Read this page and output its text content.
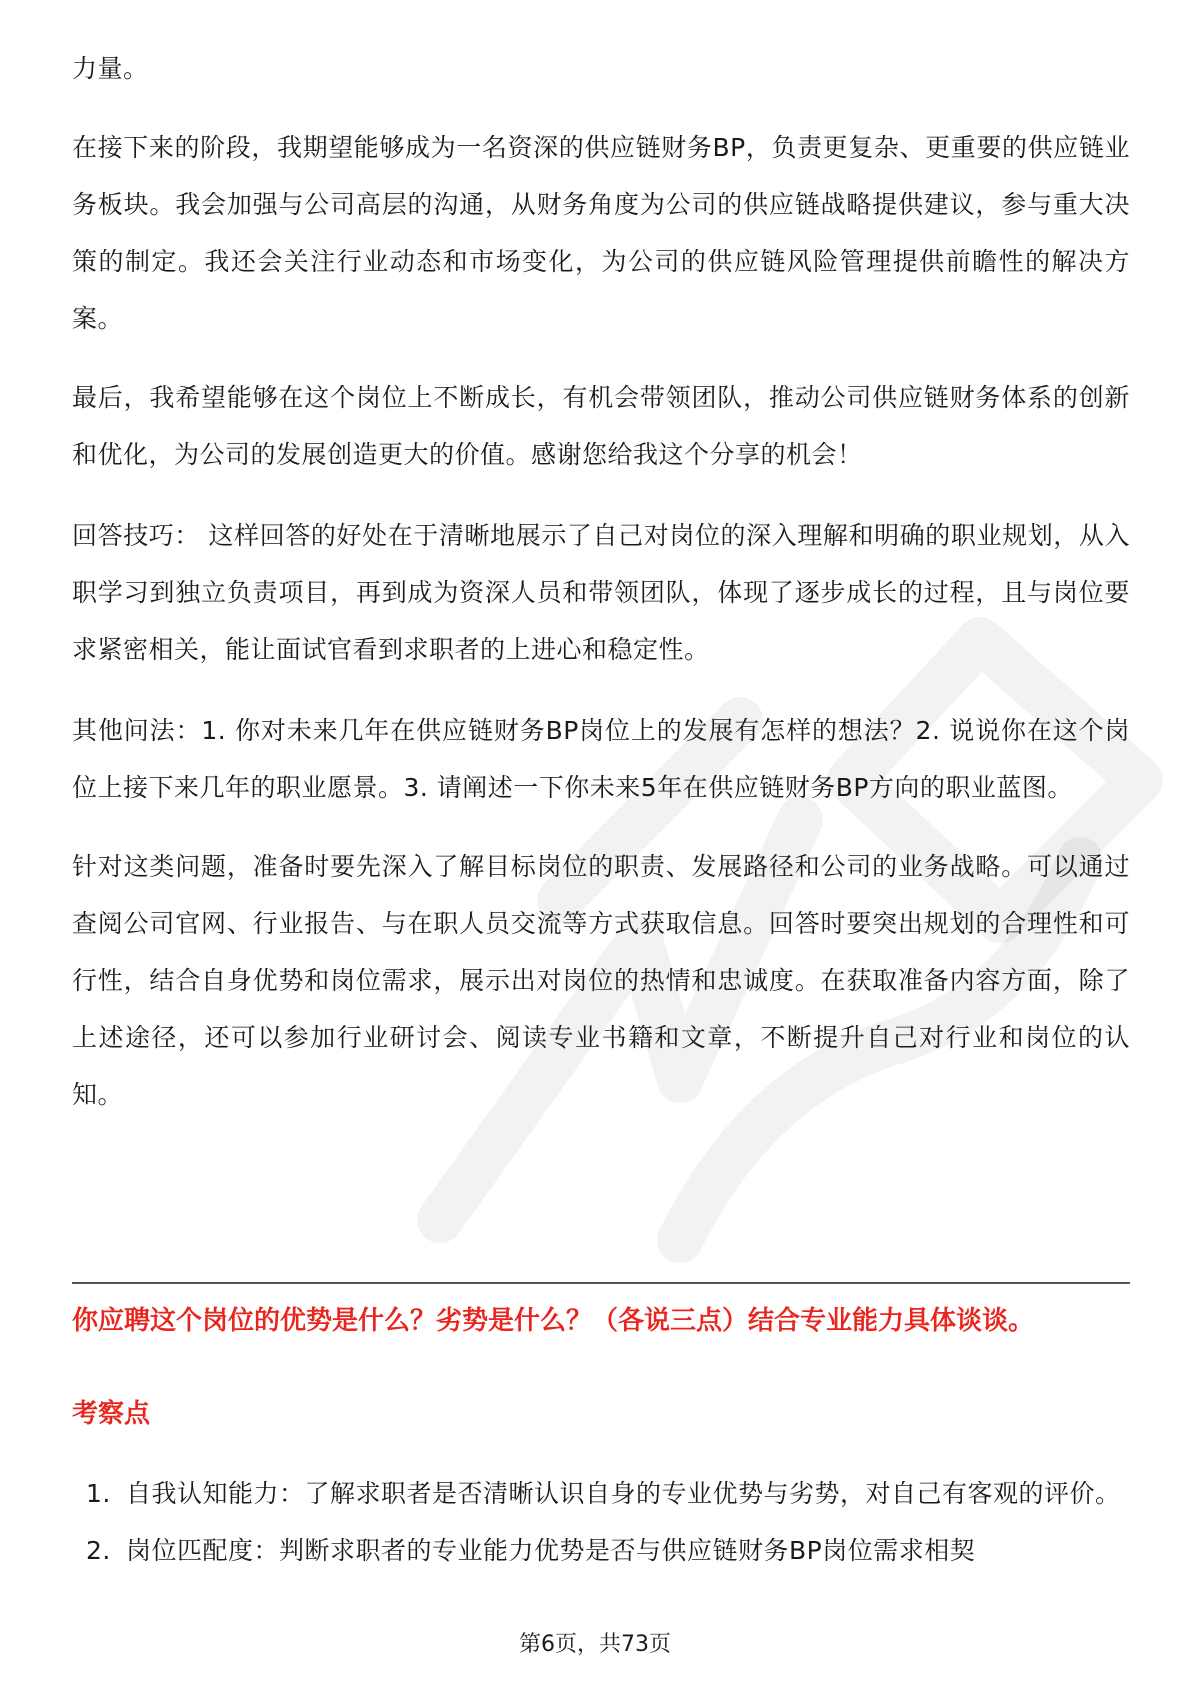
力量。

在接下来的阶段，我期望能够成为一名资深的供应链财务BP，负责更复杂、更重要的供应链业务板块。我会加强与公司高层的沟通，从财务角度为公司的供应链战略提供建议，参与重大决策的制定。我还会关注行业动态和市场变化，为公司的供应链风险管理提供前瞻性的解决方案。

最后，我希望能够在这个岗位上不断成长，有机会带领团队，推动公司供应链财务体系的创新和优化，为公司的发展创造更大的价值。感谢您给我这个分享的机会！

回答技巧： 这样回答的好处在于清晰地展示了自己对岗位的深入理解和明确的职业规划，从入职学习到独立负责项目，再到成为资深人员和带领团队，体现了逐步成长的过程，且与岗位要求紧密相关，能让面试官看到求职者的上进心和稳定性。

其他问法：1. 你对未来几年在供应链财务BP岗位上的发展有怎样的想法？2. 说说你在这个岗位上接下来几年的职业愿景。3. 请阐述一下你未来5年在供应链财务BP方向的职业蓝图。

针对这类问题，准备时要先深入了解目标岗位的职责、发展路径和公司的业务战略。可以通过查阅公司官网、行业报告、与在职人员交流等方式获取信息。回答时要突出规划的合理性和可行性，结合自身优势和岗位需求，展示出对岗位的热情和忠诚度。在获取准备内容方面，除了上述途径，还可以参加行业研讨会、阅读专业书籍和文章，不断提升自己对行业和岗位的认知。

你应聘这个岗位的优势是什么？劣势是什么？（各说三点）结合专业能力具体谈谈。
考察点
1. 自我认知能力：了解求职者是否清晰认识自身的专业优势与劣势，对自己有客观的评价。
2. 岗位匹配度：判断求职者的专业能力优势是否与供应链财务BP岗位需求相契
第6页，共73页
